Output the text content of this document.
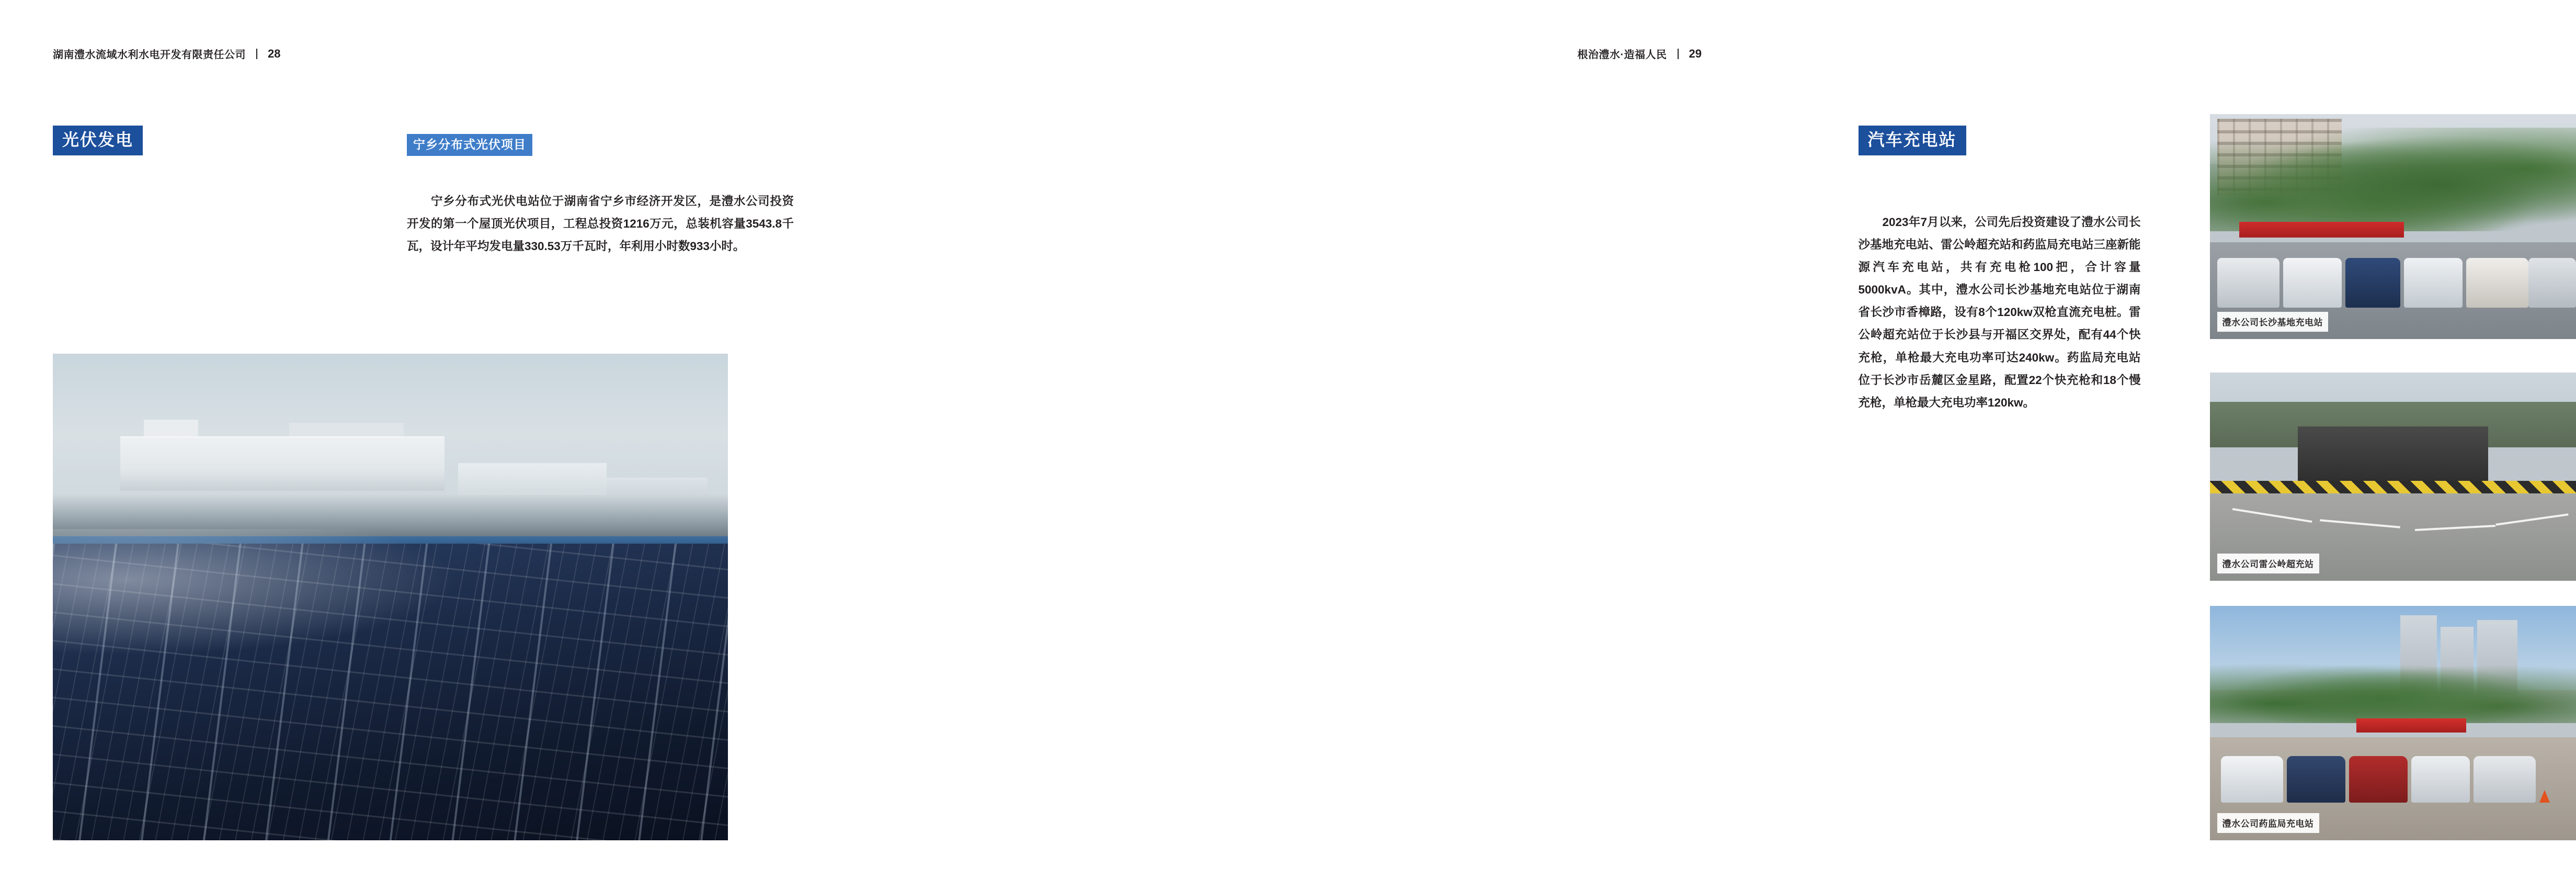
湖南澧水流域水利水电开发有限责任公司 28
光伏发电	宁乡分布式光伏项目

宁乡分布式光伏电站位于湖南省宁乡市经济开发区，是澧水公司投资开发的第一个屋顶光伏项目，工程总投资1216万元，总装机容量3543.8千瓦，设计年平均发电量330.53万千瓦时，年利用小时数933小时。

根治澧水·造福人民 29
汽车充电站

2023年7月以来，公司先后投资建设了澧水公司长沙基地充电站、雷公岭超充站和药监局充电站三座新能源汽车充电站，共有充电枪100把，合计容量5000kvA。其中，澧水公司长沙基地充电站位于湖南省长沙市香樟路，设有8个120kw双枪直流充电桩。雷公岭超充站位于长沙县与开福区交界处，配有44个快充枪，单枪最大充电功率可达240kw。药监局充电站位于长沙市岳麓区金星路，配置22个快充枪和18个慢充枪，单枪最大充电功率120kw。

澧水公司长沙基地充电站
澧水公司雷公岭超充站
澧水公司药监局充电站
